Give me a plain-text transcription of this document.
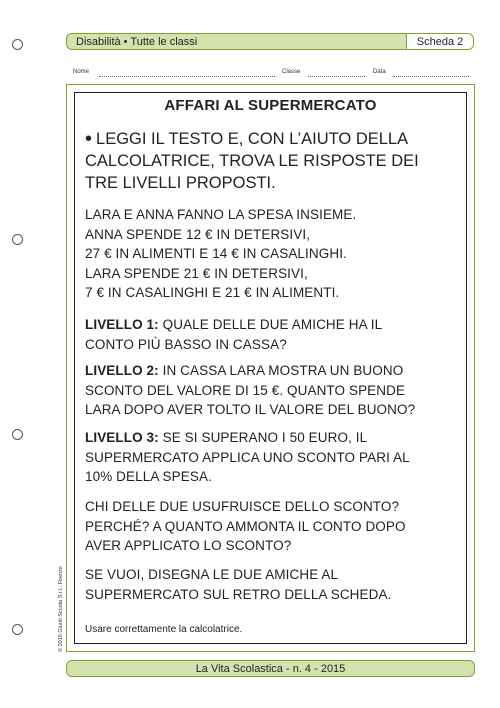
Disabilità • Tutte le classi	Scheda 2
Nome	Classe	Data
AFFARI AL SUPERMERCATO

• LEGGI IL TESTO E, CON L’AIUTO DELLA
CALCOLATRICE, TROVA LE RISPOSTE DEI
TRE LIVELLI PROPOSTI.

LARA E ANNA FANNO LA SPESA INSIEME.
ANNA SPENDE 12 € IN DETERSIVI,
27 € IN ALIMENTI E 14 € IN CASALINGHI.
LARA SPENDE 21 € IN DETERSIVI,
7 € IN CASALINGHI E 21 € IN ALIMENTI.

LIVELLO 1: QUALE DELLE DUE AMICHE HA IL
CONTO PIÙ BASSO IN CASSA?

LIVELLO 2: IN CASSA LARA MOSTRA UN BUONO
SCONTO DEL VALORE DI 15 €. QUANTO SPENDE
LARA DOPO AVER TOLTO IL VALORE DEL BUONO?

LIVELLO 3: SE SI SUPERANO I 50 EURO, IL
SUPERMERCATO APPLICA UNO SCONTO PARI AL
10% DELLA SPESA.

CHI DELLE DUE USUFRUISCE DELLO SCONTO?
PERCHÉ? A QUANTO AMMONTA IL CONTO DOPO
AVER APPLICATO LO SCONTO?

SE VUOI, DISEGNA LE DUE AMICHE AL
SUPERMERCATO SUL RETRO DELLA SCHEDA.

Usare correttamente la calcolatrice.

© 2015 Giunti Scuola S.r.l., Firenze
La Vita Scolastica - n. 4 - 2015
